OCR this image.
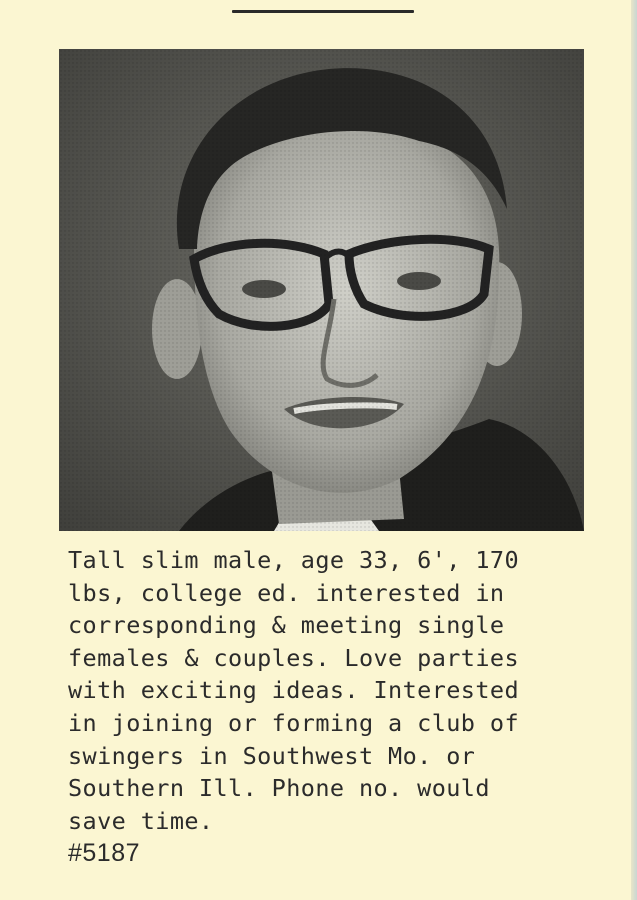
Tall slim male, age 33, 6', 170
lbs, college ed. interested in
corresponding & meeting single
females & couples. Love parties
with exciting ideas. Interested
in joining or forming a club of
swingers in Southwest Mo. or
Southern Ill. Phone no. would
save time.
#5187
